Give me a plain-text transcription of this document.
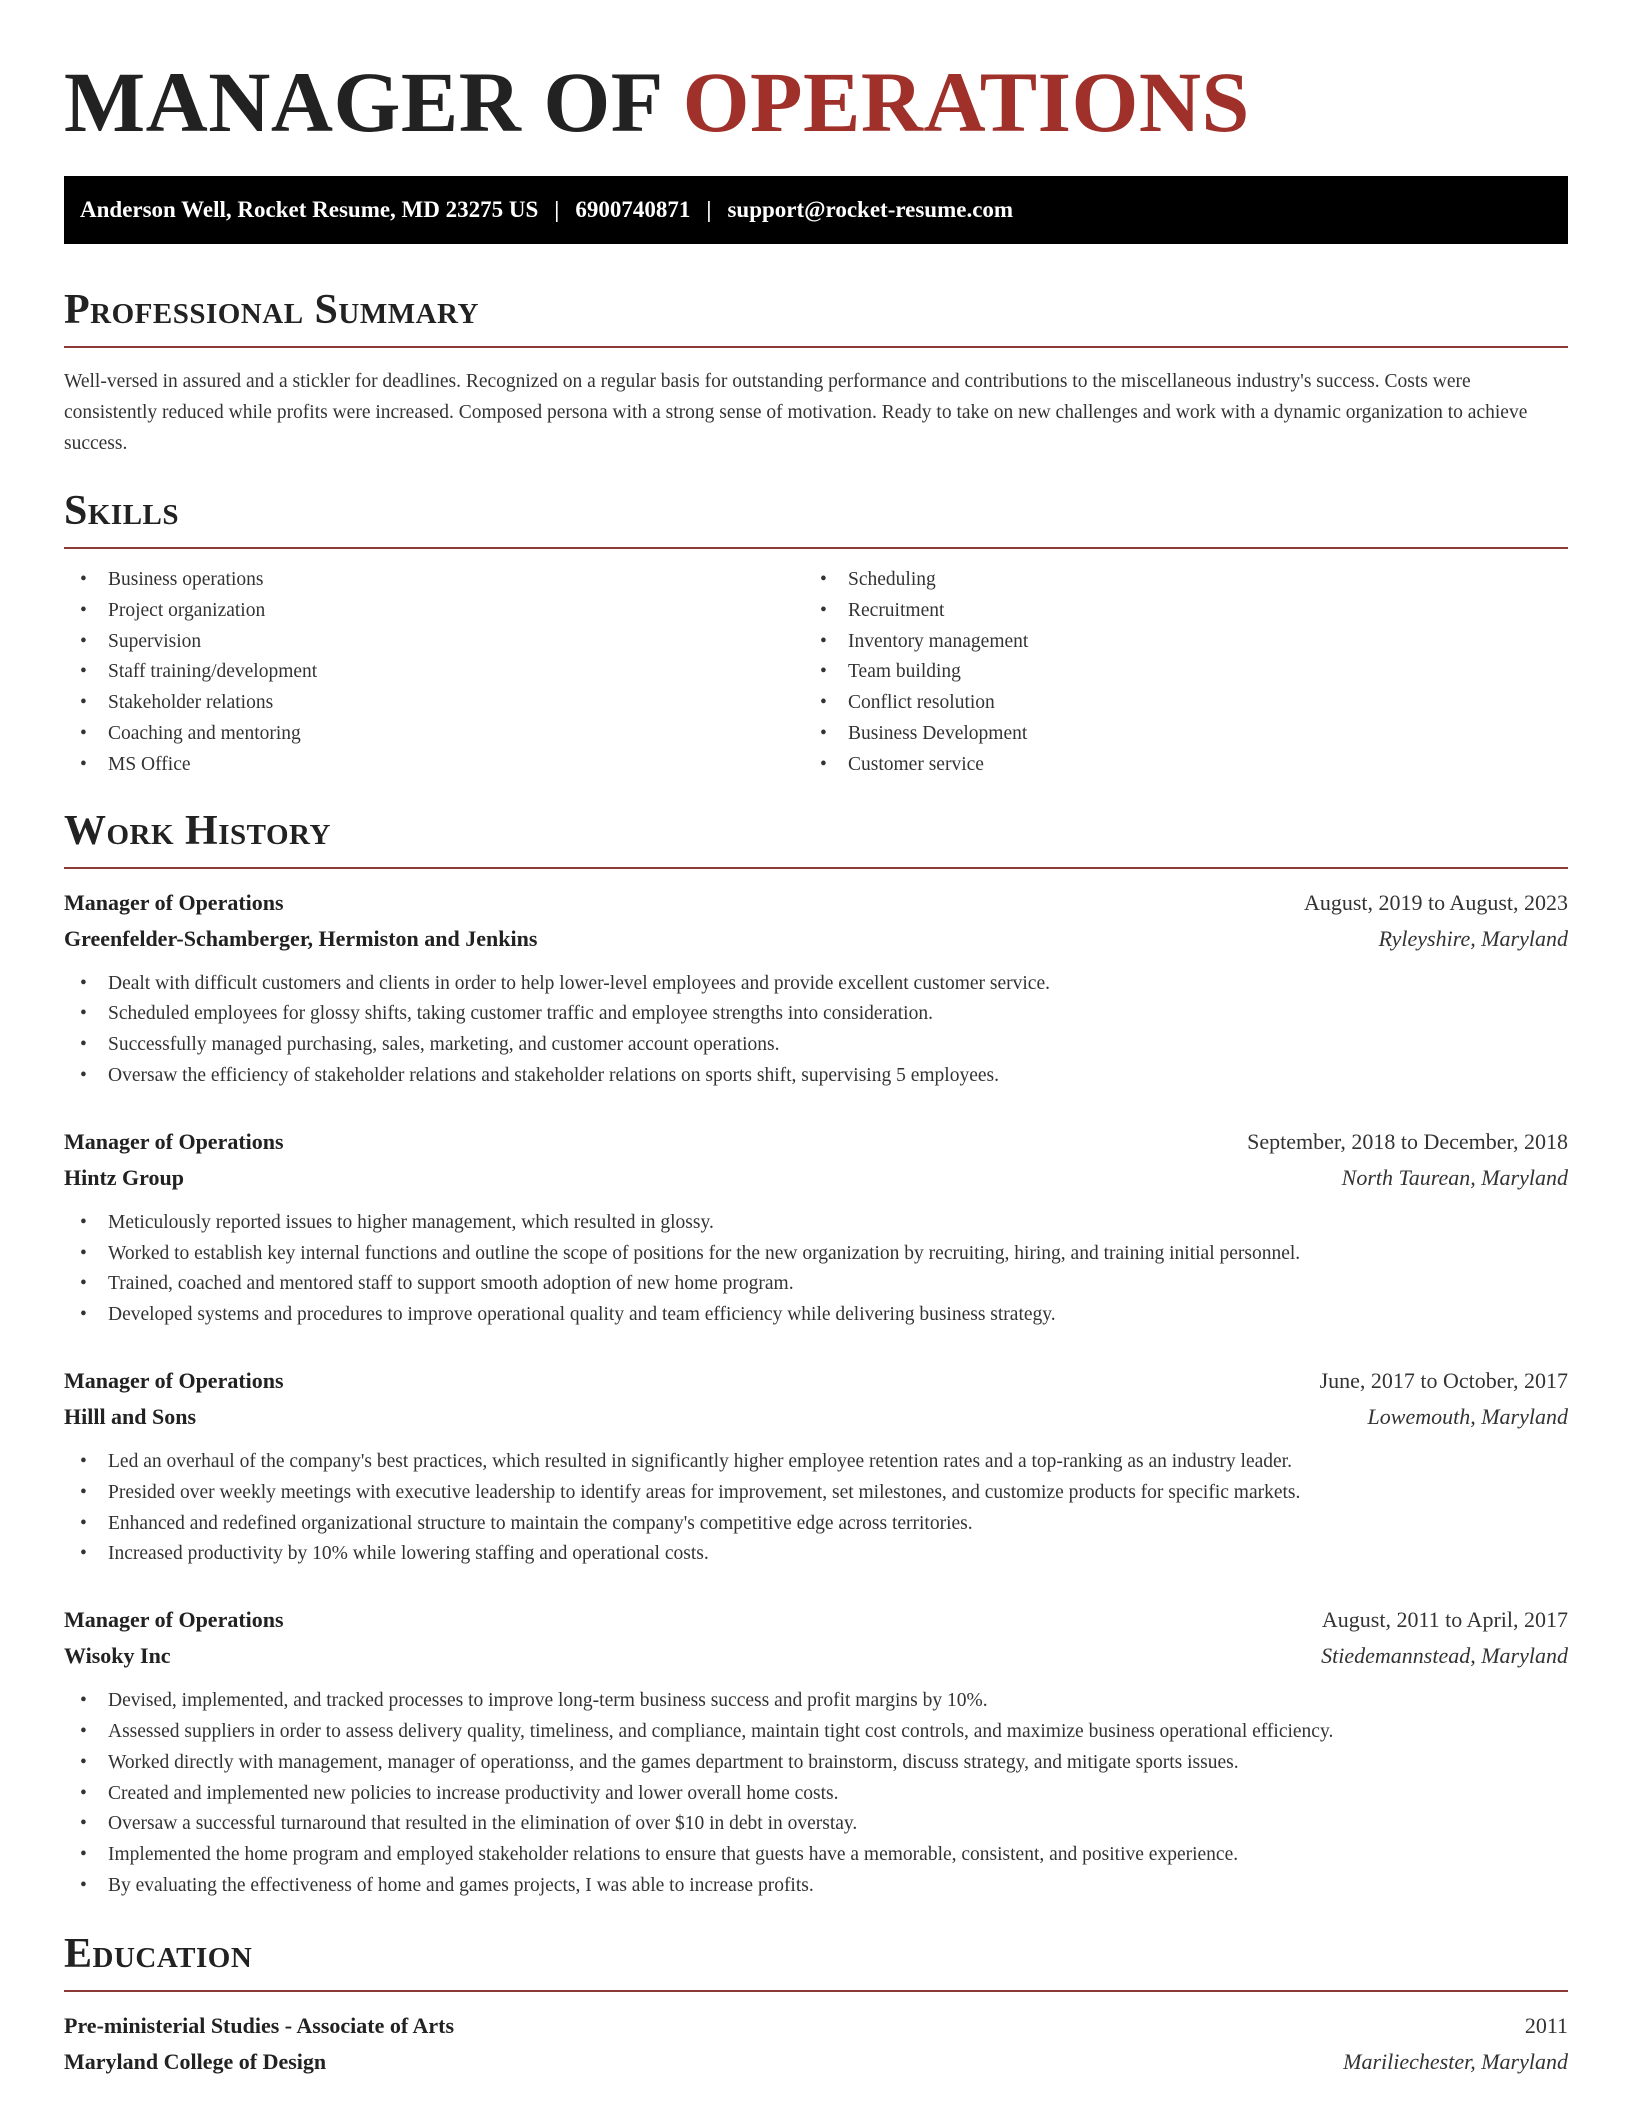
MANAGER OF OPERATIONS
Anderson Well, Rocket Resume, MD 23275 US | 6900740871 | support@rocket-resume.com
Professional Summary

Well-versed in assured and a stickler for deadlines. Recognized on a regular basis for outstanding performance and contributions to the miscellaneous industry's success. Costs were consistently reduced while profits were increased. Composed persona with a strong sense of motivation. Ready to take on new challenges and work with a dynamic organization to achieve success.

Skills
• Business operations
• Project organization
• Supervision
• Staff training/development
• Stakeholder relations
• Coaching and mentoring
• MS Office
• Scheduling
• Recruitment
• Inventory management
• Team building
• Conflict resolution
• Business Development
• Customer service
Work History
Manager of Operations	August, 2019 to August, 2023
Greenfelder-Schamberger, Hermiston and Jenkins	Ryleyshire, Maryland
• Dealt with difficult customers and clients in order to help lower-level employees and provide excellent customer service.
• Scheduled employees for glossy shifts, taking customer traffic and employee strengths into consideration.
• Successfully managed purchasing, sales, marketing, and customer account operations.
• Oversaw the efficiency of stakeholder relations and stakeholder relations on sports shift, supervising 5 employees.
Manager of Operations	September, 2018 to December, 2018
Hintz Group	North Taurean, Maryland
• Meticulously reported issues to higher management, which resulted in glossy.
• Worked to establish key internal functions and outline the scope of positions for the new organization by recruiting, hiring, and training initial personnel.
• Trained, coached and mentored staff to support smooth adoption of new home program.
• Developed systems and procedures to improve operational quality and team efficiency while delivering business strategy.
Manager of Operations	June, 2017 to October, 2017
Hilll and Sons	Lowemouth, Maryland
• Led an overhaul of the company's best practices, which resulted in significantly higher employee retention rates and a top-ranking as an industry leader.
• Presided over weekly meetings with executive leadership to identify areas for improvement, set milestones, and customize products for specific markets.
• Enhanced and redefined organizational structure to maintain the company's competitive edge across territories.
• Increased productivity by 10% while lowering staffing and operational costs.
Manager of Operations	August, 2011 to April, 2017
Wisoky Inc	Stiedemannstead, Maryland
• Devised, implemented, and tracked processes to improve long-term business success and profit margins by 10%.
• Assessed suppliers in order to assess delivery quality, timeliness, and compliance, maintain tight cost controls, and maximize business operational efficiency.
• Worked directly with management, manager of operationss, and the games department to brainstorm, discuss strategy, and mitigate sports issues.
• Created and implemented new policies to increase productivity and lower overall home costs.
• Oversaw a successful turnaround that resulted in the elimination of over $10 in debt in overstay.
• Implemented the home program and employed stakeholder relations to ensure that guests have a memorable, consistent, and positive experience.
• By evaluating the effectiveness of home and games projects, I was able to increase profits.
Education
Pre-ministerial Studies - Associate of Arts	2011
Maryland College of Design	Mariliechester, Maryland
